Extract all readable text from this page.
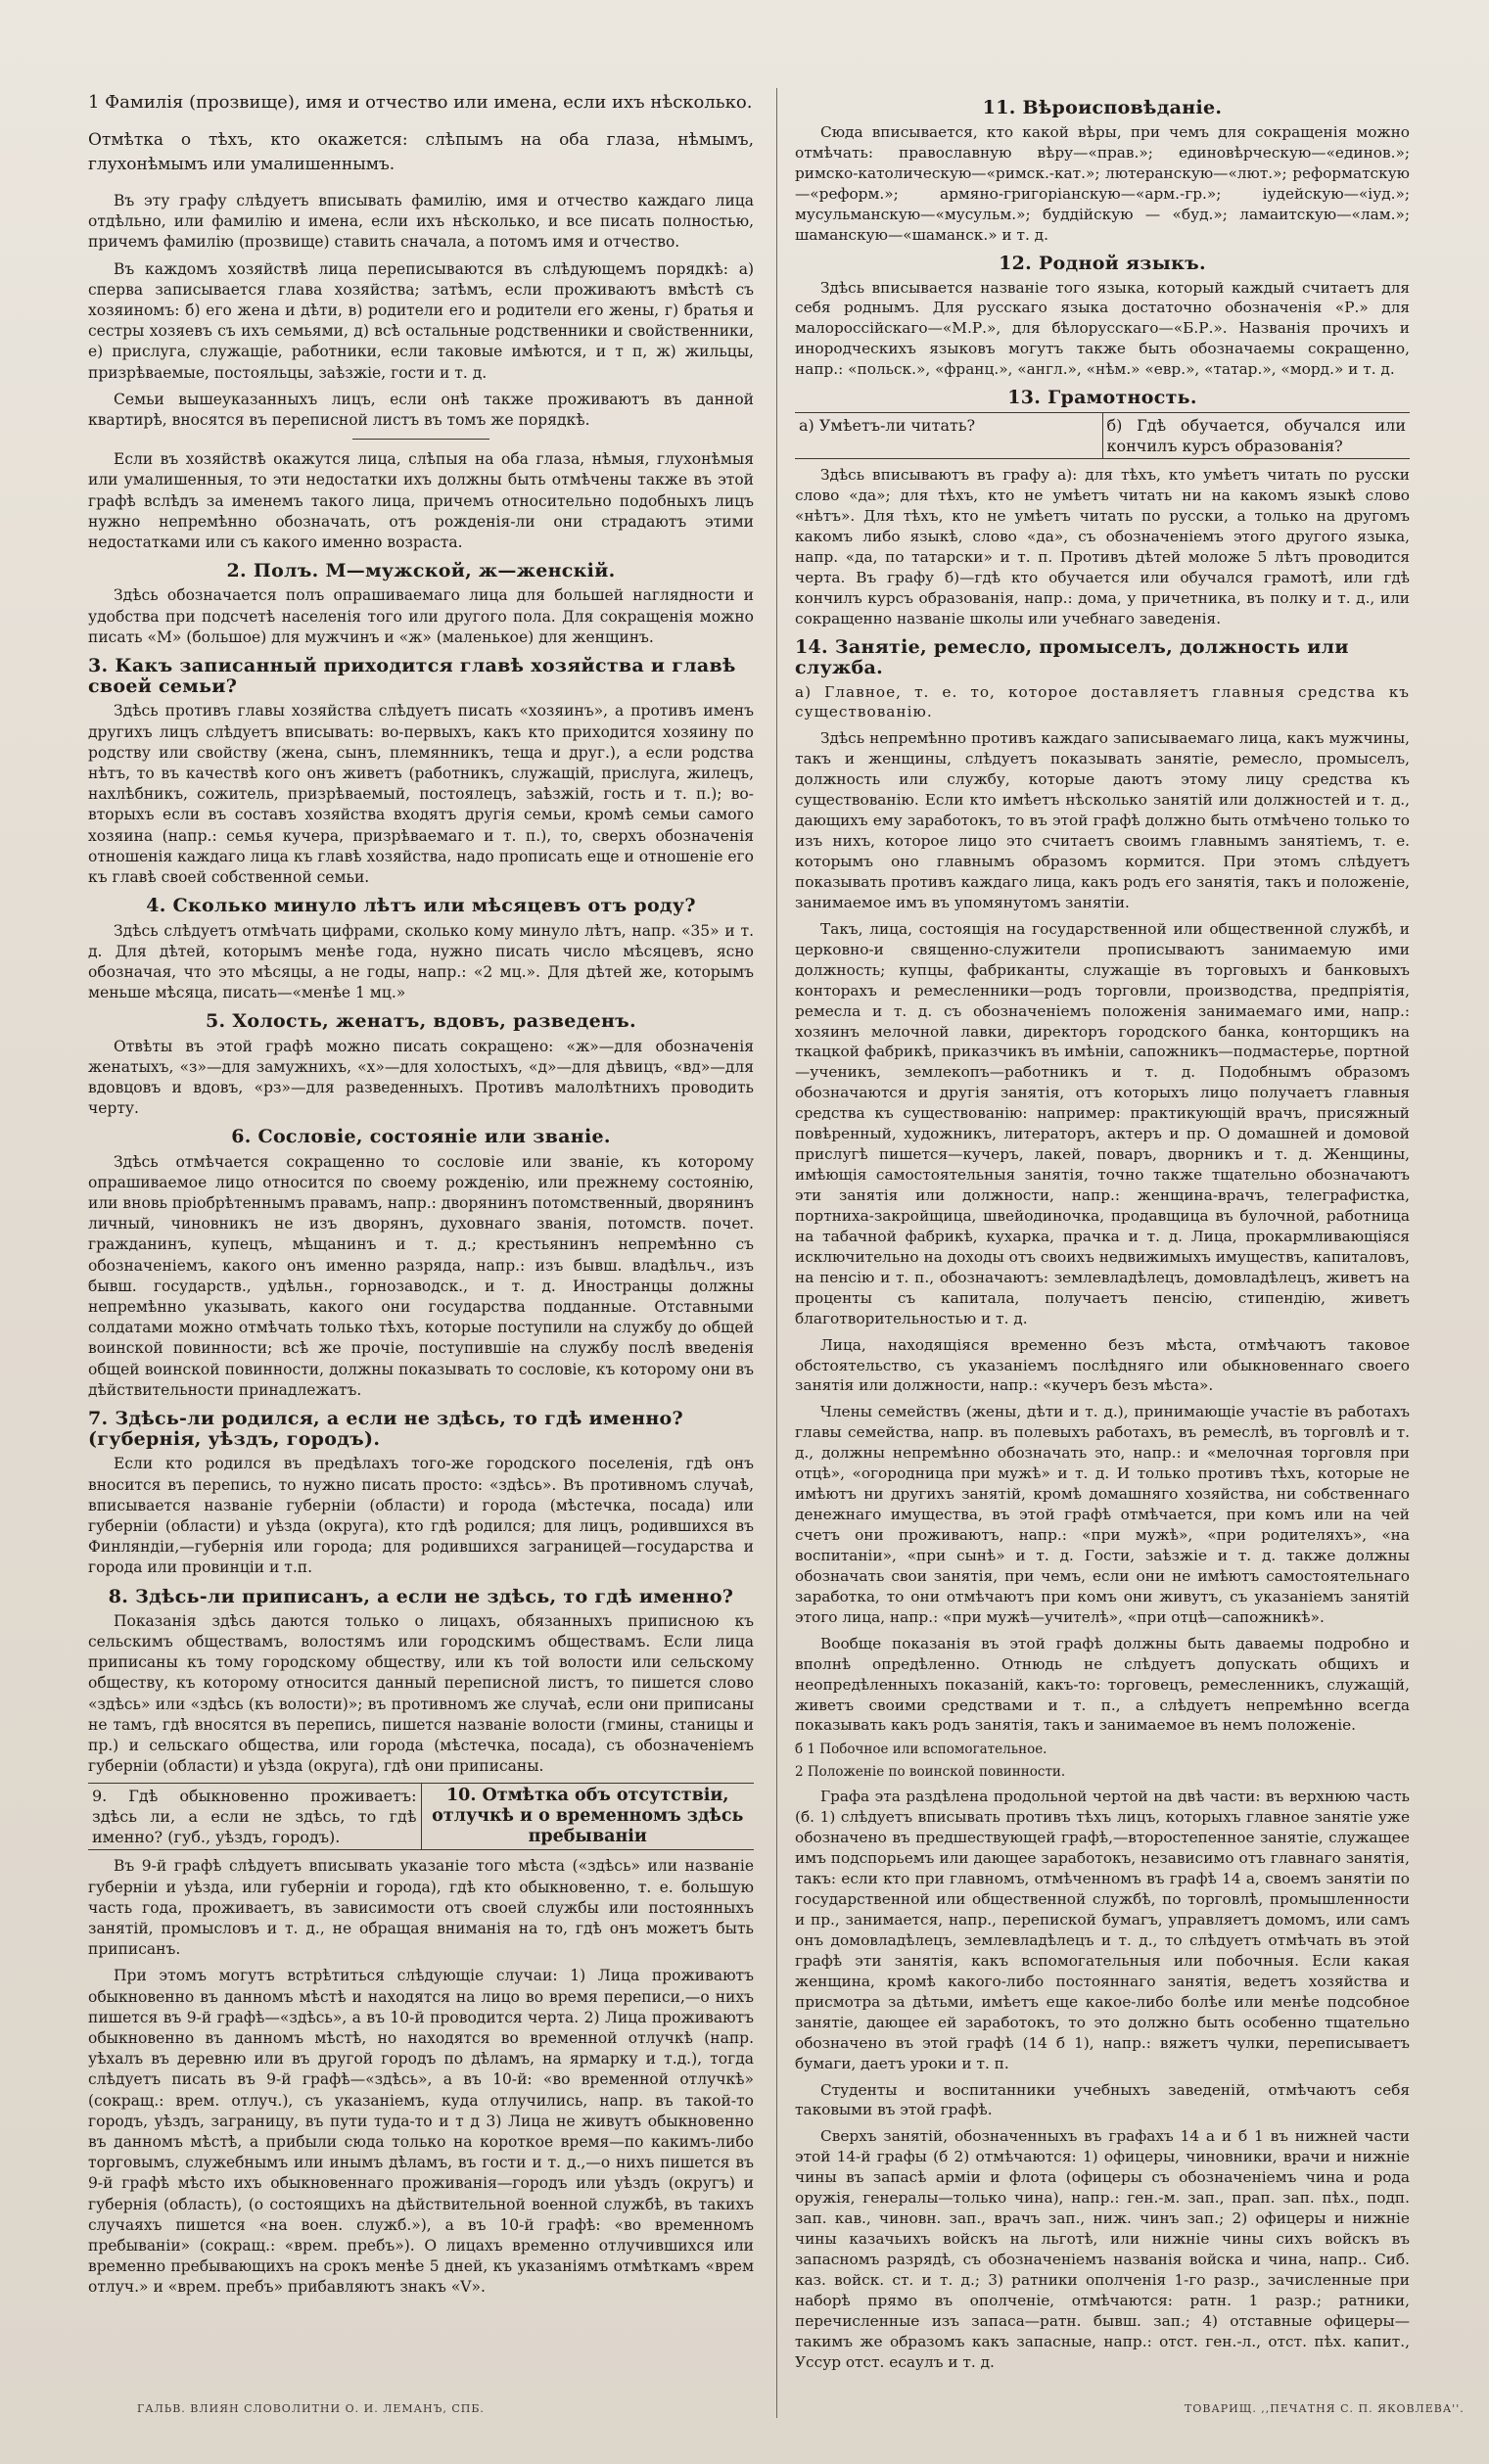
1 Фамилія (прозвище), имя и отчество или имена, если ихъ нѣсколько.

Отмѣтка о тѣхъ, кто окажется: слѣпымъ на оба глаза, нѣмымъ, глухонѣмымъ или умалишеннымъ.

Въ эту графу слѣдуетъ вписывать фамилію, имя и отчество каждаго лица отдѣльно, или фамилію и имена, если ихъ нѣсколько, и все писать полностью, причемъ фамилію (прозвище) ставить сначала, а потомъ имя и отчество.

Въ каждомъ хозяйствѣ лица переписываются въ слѣдующемъ порядкѣ: а) сперва записывается глава хозяйства; затѣмъ, если проживаютъ вмѣстѣ съ хозяиномъ: б) его жена и дѣти, в) родители его и родители его жены, г) братья и сестры хозяевъ съ ихъ семьями, д) всѣ остальные родственники и свойственники, е) прислуга, служащіе, работники, если таковые имѣются, и т п, ж) жильцы, призрѣваемые, постояльцы, заѣзжіе, гости и т. д.

Семьи вышеуказанныхъ лицъ, если онѣ также проживаютъ въ данной квартирѣ, вносятся въ переписной листъ въ томъ же порядкѣ.

Если въ хозяйствѣ окажутся лица, слѣпыя на оба глаза, нѣмыя, глухонѣмыя или умалишенныя, то эти недостатки ихъ должны быть отмѣчены также въ этой графѣ вслѣдъ за именемъ такого лица, причемъ относительно подобныхъ лицъ нужно непремѣнно обозначать, отъ рожденія-ли они страдаютъ этими недостатками или съ какого именно возраста.

2. Полъ. М—мужской, ж—женскій.

Здѣсь обозначается полъ опрашиваемаго лица для большей наглядности и удобства при подсчетѣ населенія того или другого пола. Для сокращенія можно писать «М» (большое) для мужчинъ и «ж» (маленькое) для женщинъ.

3. Какъ записанный приходится главѣ хозяйства и главѣ своей семьи?

Здѣсь противъ главы хозяйства слѣдуетъ писать «хозяинъ», а противъ именъ другихъ лицъ слѣдуетъ вписывать: во-первыхъ, какъ кто приходится хозяину по родству или свойству (жена, сынъ, племянникъ, теща и друг.), а если родства нѣтъ, то въ качествѣ кого онъ живетъ (работникъ, служащій, прислуга, жилецъ, нахлѣбникъ, сожитель, призрѣваемый, постоялецъ, заѣзжій, гость и т. п.); во-вторыхъ если въ составъ хозяйства входятъ другія семьи, кромѣ семьи самого хозяина (напр.: семья кучера, призрѣваемаго и т. п.), то, сверхъ обозначенія отношенія каждаго лица къ главѣ хозяйства, надо прописать еще и отношеніе его къ главѣ своей собственной семьи.

4. Сколько минуло лѣтъ или мѣсяцевъ отъ роду?

Здѣсь слѣдуетъ отмѣчать цифрами, сколько кому минуло лѣтъ, напр. «35» и т. д. Для дѣтей, которымъ менѣе года, нужно писать число мѣсяцевъ, ясно обозначая, что это мѣсяцы, а не годы, напр.: «2 мц.». Для дѣтей же, которымъ меньше мѣсяца, писать—«менѣе 1 мц.»

5. Холость, женатъ, вдовъ, разведенъ.

Отвѣты въ этой графѣ можно писать сокращено: «ж»—для обозначенія женатыхъ, «з»—для замужнихъ, «х»—для холостыхъ, «д»—для дѣвицъ, «вд»—для вдовцовъ и вдовъ, «рз»—для разведенныхъ. Противъ малолѣтнихъ проводить черту.

6. Сословіе, состояніе или званіе.

Здѣсь отмѣчается сокращенно то сословіе или званіе, къ которому опрашиваемое лицо относится по своему рожденію, или прежнему состоянію, или вновь пріобрѣтеннымъ правамъ, напр.: дворянинъ потомственный, дворянинъ личный, чиновникъ не изъ дворянъ, духовнаго званія, потомств. почет. гражданинъ, купецъ, мѣщанинъ и т. д.; крестьянинъ непремѣнно съ обозначеніемъ, какого онъ именно разряда, напр.: изъ бывш. владѣльч., изъ бывш. государств., удѣльн., горнозаводск., и т. д. Иностранцы должны непремѣнно указывать, какого они государства подданные. Отставными солдатами можно отмѣчать только тѣхъ, которые поступили на службу до общей воинской повинности; всѣ же прочіе, поступившіе на службу послѣ введенія общей воинской повинности, должны показывать то сословіе, къ которому они въ дѣйствительности принадлежатъ.

7. Здѣсь-ли родился, а если не здѣсь, то гдѣ именно? (губернія, уѣздъ, городъ).

Если кто родился въ предѣлахъ того-же городского поселенія, гдѣ онъ вносится въ перепись, то нужно писать просто: «здѣсь». Въ противномъ случаѣ, вписывается названіе губерніи (области) и города (мѣстечка, посада) или губерніи (области) и уѣзда (округа), кто гдѣ родился; для лицъ, родившихся въ Финляндіи,—губернія или города; для родившихся заграницей—государства и города или провинціи и т.п.

8. Здѣсь-ли приписанъ, а если не здѣсь, то гдѣ именно?

Показанія здѣсь даются только о лицахъ, обязанныхъ приписною къ сельскимъ обществамъ, волостямъ или городскимъ обществамъ. Если лица приписаны къ тому городскому обществу, или къ той волости или сельскому обществу, къ которому относится данный переписной листъ, то пишется слово «здѣсь» или «здѣсь (къ волости)»; въ противномъ же случаѣ, если они приписаны не тамъ, гдѣ вносятся въ перепись, пишется названіе волости (гмины, станицы и пр.) и сельскаго общества, или города (мѣстечка, посада), съ обозначеніемъ губерніи (области) и уѣзда (округа), гдѣ они приписаны.

9. Гдѣ обыкновенно проживаетъ: здѣсь ли, а если не здѣсь, то гдѣ именно? (губ., уѣздъ, городъ).
10. Отмѣтка объ отсутствіи, отлучкѣ и о временномъ здѣсь пребываніи

Въ 9-й графѣ слѣдуетъ вписывать указаніе того мѣста («здѣсь» или названіе губерніи и уѣзда, или губерніи и города), гдѣ кто обыкновенно, т. е. большую часть года, проживаетъ, въ зависимости отъ своей службы или постоянныхъ занятій, промысловъ и т. д., не обращая вниманія на то, гдѣ онъ можетъ быть приписанъ.

При этомъ могутъ встрѣтиться слѣдующіе случаи: 1) Лица проживаютъ обыкновенно въ данномъ мѣстѣ и находятся на лицо во время переписи,—о нихъ пишется въ 9-й графѣ—«здѣсь», а въ 10-й проводится черта. 2) Лица проживаютъ обыкновенно въ данномъ мѣстѣ, но находятся во временной отлучкѣ (напр. уѣхалъ въ деревню или въ другой городъ по дѣламъ, на ярмарку и т.д.), тогда слѣдуетъ писать въ 9-й графѣ—«здѣсь», а въ 10-й: «во временной отлучкѣ» (сокращ.: врем. отлуч.), съ указаніемъ, куда отлучились, напр. въ такой-то городъ, уѣздъ, заграницу, въ пути туда-то и т д 3) Лица не живутъ обыкновенно въ данномъ мѣстѣ, а прибыли сюда только на короткое время—по какимъ-либо торговымъ, служебнымъ или инымъ дѣламъ, въ гости и т. д.,—о нихъ пишется въ 9-й графѣ мѣсто ихъ обыкновеннаго проживанія—городъ или уѣздъ (округъ) и губернія (область), (о состоящихъ на дѣйствительной военной службѣ, въ такихъ случаяхъ пишется «на воен. служб.»), а въ 10-й графѣ: «во временномъ пребываніи» (сокращ.: «врем. пребъ»). О лицахъ временно отлучившихся или временно пребывающихъ на срокъ менѣе 5 дней, къ указаніямъ отмѣткамъ «врем отлуч.» и «врем. пребъ» прибавляютъ знакъ «V».

11. Вѣроисповѣданіе.

Сюда вписывается, кто какой вѣры, при чемъ для сокращенія можно отмѣчать: православную вѣру—«прав.»; единовѣрческую—«единов.»; римско-католическую—«римск.-кат.»; лютеранскую—«лют.»; реформатскую—«реформ.»; армяно-григоріанскую—«арм.-гр.»; іудейскую—«іуд.»; мусульманскую—«мусульм.»; буддійскую — «буд.»; ламаитскую—«лам.»; шаманскую—«шаманск.» и т. д.

12. Родной языкъ.

Здѣсь вписывается названіе того языка, который каждый считаетъ для себя роднымъ. Для русскаго языка достаточно обозначенія «Р.» для малороссійскаго—«М.Р.», для бѣлорусскаго—«Б.Р.». Названія прочихъ и инородческихъ языковъ могутъ также быть обозначаемы сокращенно, напр.: «польск.», «франц.», «англ.», «нѣм.» «евр.», «татар.», «морд.» и т. д.

13. Грамотность.
а) Умѣетъ-ли читать?	б) Гдѣ обучается, обучался или кончилъ курсъ образованія?

Здѣсь вписываютъ въ графу а): для тѣхъ, кто умѣетъ читать по русски слово «да»; для тѣхъ, кто не умѣетъ читать ни на какомъ языкѣ слово «нѣтъ». Для тѣхъ, кто не умѣетъ читать по русски, а только на другомъ какомъ либо языкѣ, слово «да», съ обозначеніемъ этого другого языка, напр. «да, по татарски» и т. п. Противъ дѣтей моложе 5 лѣтъ проводится черта. Въ графу б)—гдѣ кто обучается или обучался грамотѣ, или гдѣ кончилъ курсъ образованія, напр.: дома, у причетника, въ полку и т. д., или сокращенно названіе школы или учебнаго заведенія.

14. Занятіе, ремесло, промыселъ, должность или служба.

а) Главное, т. е. то, которое доставляетъ главныя средства къ существованію.

Здѣсь непремѣнно противъ каждаго записываемаго лица, какъ мужчины, такъ и женщины, слѣдуетъ показывать занятіе, ремесло, промыселъ, должность или службу, которые даютъ этому лицу средства къ существованію. Если кто имѣетъ нѣсколько занятій или должностей и т. д., дающихъ ему заработокъ, то въ этой графѣ должно быть отмѣчено только то изъ нихъ, которое лицо это считаетъ своимъ главнымъ занятіемъ, т. е. которымъ оно главнымъ образомъ кормится. При этомъ слѣдуетъ показывать противъ каждаго лица, какъ родъ его занятія, такъ и положеніе, занимаемое имъ въ упомянутомъ занятіи.

Такъ, лица, состоящія на государственной или общественной службѣ, и церковно-и священно-служители прописываютъ занимаемую ими должность; купцы, фабриканты, служащіе въ торговыхъ и банковыхъ конторахъ и ремесленники—родъ торговли, производства, предпріятія, ремесла и т. д. съ обозначеніемъ положенія занимаемаго ими, напр.: хозяинъ мелочной лавки, директоръ городского банка, конторщикъ на ткацкой фабрикѣ, приказчикъ въ имѣніи, сапожникъ—подмастерье, портной—ученикъ, землекопъ—работникъ и т. д. Подобнымъ образомъ обозначаются и другія занятія, отъ которыхъ лицо получаетъ главныя средства къ существованію: например: практикующій врачъ, присяжный повѣренный, художникъ, литераторъ, актеръ и пр. О домашней и домовой прислугѣ пишется—кучеръ, лакей, поваръ, дворникъ и т. д. Женщины, имѣющія самостоятельныя занятія, точно также тщательно обозначаютъ эти занятія или должности, напр.: женщина-врачъ, телеграфистка, портниха-закройщица, швейодиночка, продавщица въ булочной, работница на табачной фабрикѣ, кухарка, прачка и т. д. Лица, прокармливающіяся исключительно на доходы отъ своихъ недвижимыхъ имуществъ, капиталовъ, на пенсію и т. п., обозначаютъ: землевладѣлецъ, домовладѣлецъ, живетъ на проценты съ капитала, получаетъ пенсію, стипендію, живетъ благотворительностью и т. д.

Лица, находящіяся временно безъ мѣста, отмѣчаютъ таковое обстоятельство, съ указаніемъ послѣдняго или обыкновеннаго своего занятія или должности, напр.: «кучеръ безъ мѣста».

Члены семействъ (жены, дѣти и т. д.), принимающіе участіе въ работахъ главы семейства, напр. въ полевыхъ работахъ, въ ремеслѣ, въ торговлѣ и т. д., должны непремѣнно обозначать это, напр.: и «мелочная торговля при отцѣ», «огородница при мужѣ» и т. д. И только противъ тѣхъ, которые не имѣютъ ни другихъ занятій, кромѣ домашняго хозяйства, ни собственнаго денежнаго имущества, въ этой графѣ отмѣчается, при комъ или на чей счетъ они проживаютъ, напр.: «при мужѣ», «при родителяхъ», «на воспитаніи», «при сынѣ» и т. д. Гости, заѣзжіе и т. д. также должны обозначать свои занятія, при чемъ, если они не имѣютъ самостоятельнаго заработка, то они отмѣчаютъ при комъ они живутъ, съ указаніемъ занятій этого лица, напр.: «при мужѣ—учителѣ», «при отцѣ—сапожникѣ».

Вообще показанія въ этой графѣ должны быть даваемы подробно и вполнѣ опредѣленно. Отнюдь не слѣдуетъ допускать общихъ и неопредѣленныхъ показаній, какъ-то: торговецъ, ремесленникъ, служащій, живетъ своими средствами и т. п., а слѣдуетъ непремѣнно всегда показывать какъ родъ занятія, такъ и занимаемое въ немъ положеніе.

б 1 Побочное или вспомогательное.

2 Положеніе по воинской повинности.

Графа эта раздѣлена продольной чертой на двѣ части: въ верхнюю часть (б. 1) слѣдуетъ вписывать противъ тѣхъ лицъ, которыхъ главное занятіе уже обозначено въ предшествующей графѣ,—второстепенное занятіе, служащее имъ подспорьемъ или дающее заработокъ, независимо отъ главнаго занятія, такъ: если кто при главномъ, отмѣченномъ въ графѣ 14 а, своемъ занятіи по государственной или общественной службѣ, по торговлѣ, промышленности и пр., занимается, напр., перепиской бумагъ, управляетъ домомъ, или самъ онъ домовладѣлецъ, землевладѣлецъ и т. д., то слѣдуетъ отмѣчать въ этой графѣ эти занятія, какъ вспомогательныя или побочныя. Если какая женщина, кромѣ какого-либо постояннаго занятія, ведетъ хозяйства и присмотра за дѣтьми, имѣетъ еще какое-либо болѣе или менѣе подсобное занятіе, дающее ей заработокъ, то это должно быть особенно тщательно обозначено въ этой графѣ (14 б 1), напр.: вяжетъ чулки, переписываетъ бумаги, даетъ уроки и т. п.

Студенты и воспитанники учебныхъ заведеній, отмѣчаютъ себя таковыми въ этой графѣ.

Сверхъ занятій, обозначенныхъ въ графахъ 14 а и б 1 въ нижней части этой 14-й графы (б 2) отмѣчаются: 1) офицеры, чиновники, врачи и нижніе чины въ запасѣ арміи и флота (офицеры съ обозначеніемъ чина и рода оружія, генералы—только чина), напр.: ген.-м. зап., прап. зап. пѣх., подп. зап. кав., чиновн. зап., врачъ зап., ниж. чинъ зап.; 2) офицеры и нижніе чины казачьихъ войскъ на льготѣ, или нижніе чины сихъ войскъ въ запасномъ разрядѣ, съ обозначеніемъ названія войска и чина, напр.. Сиб. каз. войск. ст. и т. д.; 3) ратники ополченія 1-го разр., зачисленные при наборѣ прямо въ ополченіе, отмѣчаются: ратн. 1 разр.; ратники, перечисленные изъ запаса—ратн. бывш. зап.; 4) отставные офицеры—такимъ же образомъ какъ запасные, напр.: отст. ген.-л., отст. пѣх. капит., Уссур отст. есаулъ и т. д.

ГАЛЬВ. ВЛИЯН СЛОВОЛИТНИ О. И. ЛЕМАНЪ, СПБ.	ТОВАРИЩ. ,,ПЕЧАТНЯ С. П. ЯКОВЛЕВА''.
